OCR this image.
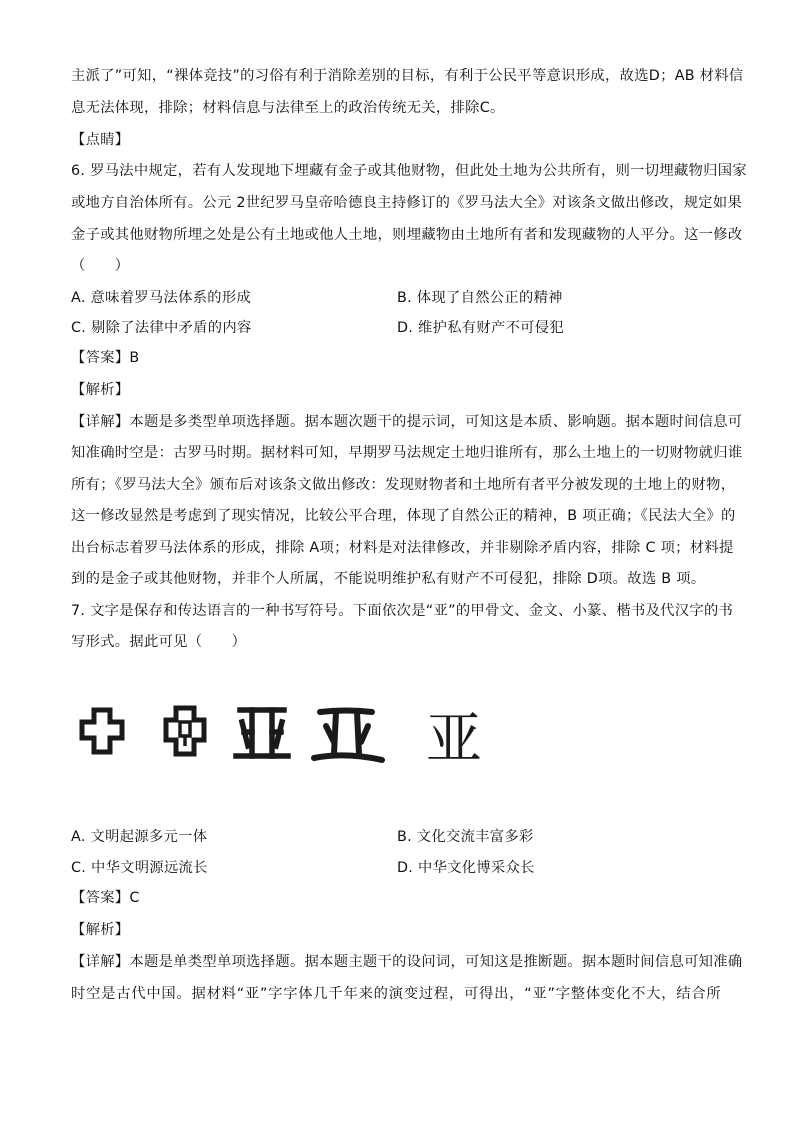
主派了”可知，“裸体竞技”的习俗有利于消除差别的目标，有利于公民平等意识形成，故选D；AB 材料信
息无法体现，排除；材料信息与法律至上的政治传统无关，排除C。
【点睛】
6. 罗马法中规定，若有人发现地下埋藏有金子或其他财物，但此处土地为公共所有，则一切埋藏物归国家
或地方自治体所有。公元 2世纪罗马皇帝哈德良主持修订的《罗马法大全》对该条文做出修改，规定如果
金子或其他财物所埋之处是公有土地或他人土地，则埋藏物由土地所有者和发现藏物的人平分。这一修改
（　　）
A. 意味着罗马法体系的形成	B. 体现了自然公正的精神
C. 剔除了法律中矛盾的内容	D. 维护私有财产不可侵犯
【答案】B
【解析】
【详解】本题是多类型单项选择题。据本题次题干的提示词，可知这是本质、影响题。据本题时间信息可
知准确时空是：古罗马时期。据材料可知，早期罗马法规定土地归谁所有，那么土地上的一切财物就归谁
所有；《罗马法大全》颁布后对该条文做出修改：发现财物者和土地所有者平分被发现的土地上的财物，
这一修改显然是考虑到了现实情况，比较公平合理，体现了自然公正的精神，B 项正确；《民法大全》的
出台标志着罗马法体系的形成，排除 A项；材料是对法律修改，并非剔除矛盾内容，排除 C 项；材料提
到的是金子或其他财物，并非个人所属，不能说明维护私有财产不可侵犯，排除 D项。故选 B 项。
7. 文字是保存和传达语言的一种书写符号。下面依次是“亚”的甲骨文、金文、小篆、楷书及代汉字的书
写形式。据此可见（　　）
亚
A. 文明起源多元一体	B. 文化交流丰富多彩
C. 中华文明源远流长	D. 中华文化博采众长
【答案】C
【解析】
【详解】本题是单类型单项选择题。据本题主题干的设问词，可知这是推断题。据本题时间信息可知准确
时空是古代中国。据材料“亚”字字体几千年来的演变过程，可得出，“亚”字整体变化不大，结合所
